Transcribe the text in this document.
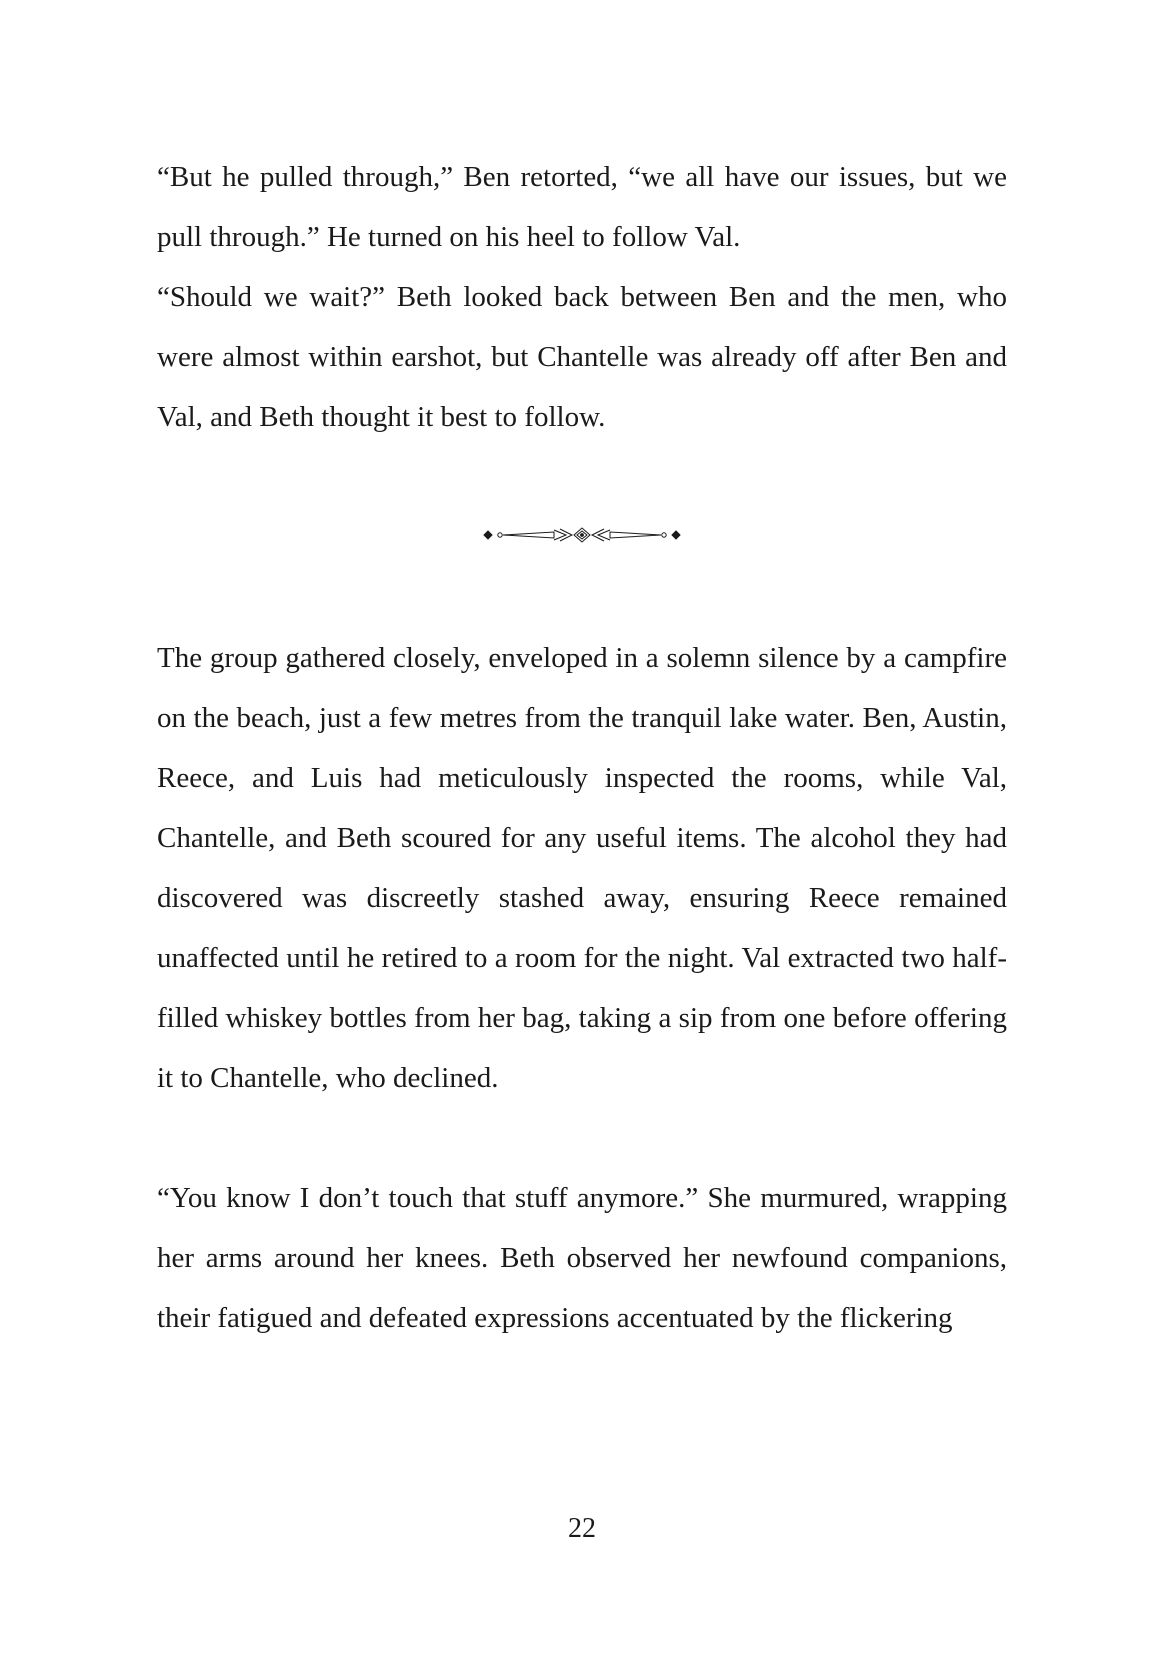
“But he pulled through,” Ben retorted, “we all have our issues, but we pull through.” He turned on his heel to follow Val.

“Should we wait?” Beth looked back between Ben and the men, who were almost within earshot, but Chantelle was already off after Ben and Val, and Beth thought it best to follow.

The group gathered closely, enveloped in a solemn silence by a campfire on the beach, just a few metres from the tranquil lake water. Ben, Austin, Reece, and Luis had meticulously inspected the rooms, while Val, Chantelle, and Beth scoured for any useful items. The alcohol they had discovered was discreetly stashed away, ensuring Reece remained unaffected until he retired to a room for the night. Val extracted two half-filled whiskey bottles from her bag, taking a sip from one before offering it to Chantelle, who declined.

“You know I don’t touch that stuff anymore.” She murmured, wrapping her arms around her knees. Beth observed her newfound companions, their fatigued and defeated expressions accentuated by the flickering

22
